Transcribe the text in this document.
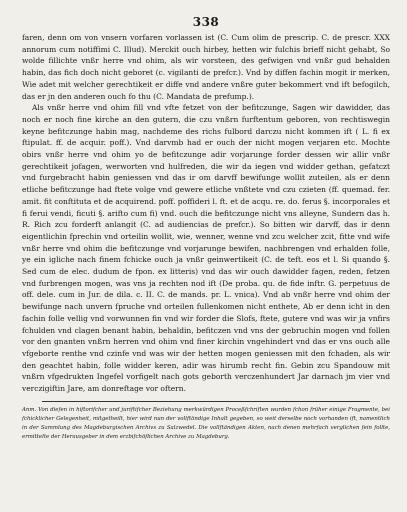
338

faren, denn om von vnsern vorfaren vorlassen ist (C. Cum olim de prescrip. C. de prescr. XXX annorum cum notiffimi C. Illud). Merckit ouch hirbey, hetten wir fulchis brieff nicht gehabt, So wolde fillichte vnßr herre vnd ohim, als wir vorsteen, des gefwigen vnd vnßr gud behalden habin, das fich doch nicht geboret (c. vigilanti de prefcr.). Vnd by diffen fachin mogit ir merken, Wie adet mit welcher gerechtikeit er diffe vnd andere vnßre guter bekommert vnd ift befogilch, das er jn den anderen ouch fo thu (C. Mandata de prefump.).

Als vnßr herre vnd ohim fill vnd vfte fetzet von der befitczunge, Sagen wir dawidder, das noch er noch fine kirche an den gutern, die czu vnßrn furftentum geboren, von rechtiswegin keyne befitczunge habin mag, nachdeme des richs fulbord darczu nicht kommen ift ( L. fi ex ftipulat. ff. de acquir. poff.). Vnd darvmb had er ouch der nicht mogen verjaren etc. Mochte obirs vnßr herre vnd ohim yo de befitczunge adir vorjarunge forder dessen wir allir vnßr gerechtikeit jofagen, werworten vnd hulfreden, die wir da iegen vnd widder gethan, gefatczt vnd furgebracht habin geniessen vnd das ir om darvff bewifunge wollit zuteilen, als er denn etliche befitczunge had ftete volge vnd gewere etliche vnßtete vnd czu czieten (ff. quemad. fer. amit. fit conftituta et de acquirend. poff. poffideri l. ft. et de acqu. re. do. ferus §. incorporales et fi ferui vendi, ficuti §. arifto cum fi) vnd. ouch die befitczunge nicht vns alleyne, Sundern das h. R. Rich zcu forderft anlangit (C. ad audiencias de prefcr.). So bitten wir darvff, das ir denn eigentlichin fprechin vnd orteilin wollit, wie, wenner, wenne vnd zcu welcher zcit, fitte vnd wife vnßr herre vnd ohim die befitczunge vnd vorjarunge bewifen, nachbrengen vnd erhalden folle, ye ein igliche nach finem fchicke ouch ja vnßr geinwertikeit (C. de teft. eos et l. Si quando §. Sed cum de elec. dudum de fpon. ex litteris) vnd das wir ouch dawidder fagen, reden, fetzen vnd furbrengen mogen, was vns ja rechten nod ift (De proba. qu. de fide inftr. G. perpetuus de off. dele. cum in Jur. de dila. c. II. C. de mands. pr. L. vnica). Vnd ab vnßr herre vnd ohim der bewifunge nach unvern fpruche vnd orteilen fullenkomen nicht enthete, Ab er denn icht in den fachin folle vellig vnd vorwunnen fin vnd wir forder die Slofs, ftete, gutere vnd was wir ja vnfirs fchulden vnd clagen benant habin, behaldin, befitczen vnd vns der gebruchin mogen vnd follen vor den gnanten vnßrn herren vnd ohim vnd finer kirchin vngehindert vnd das er vns ouch alle vfgeborte renthe vnd czinfe vnd was wir der hetten mogen geniessen mit den fchaden, als wir den geachtet habin, folle widder keren, adir was hirumb recht fin. Gebin zcu Spandouw mit vnßrn vfgedrukten Ingefel vorfigelt nach gots geborth verczenhundert Jar darnach jm vier vnd verczigiftin Jare, am donreftage vor oftern.

Anm. Von diefen in hiftorifcher und juriftifcher Beziehung merkwürdigen Proceßfchriften wurden fchon früher einige Fragmente, bei fchicklicher Gelegenheit, mitgetheilt, hier wird nun der vollftändige Inhalt gegeben, so weit derselbe noch vorhanden ift, namentlich in der Sammlung des Magdeburgischen Archivs zu Salzwedel. Die vollftändigen Akten, nach denen mehrfach verglichen fein follte, ermittelte der Herausgeber in dem erzbifchöflichen Archive zu Magdeburg.
